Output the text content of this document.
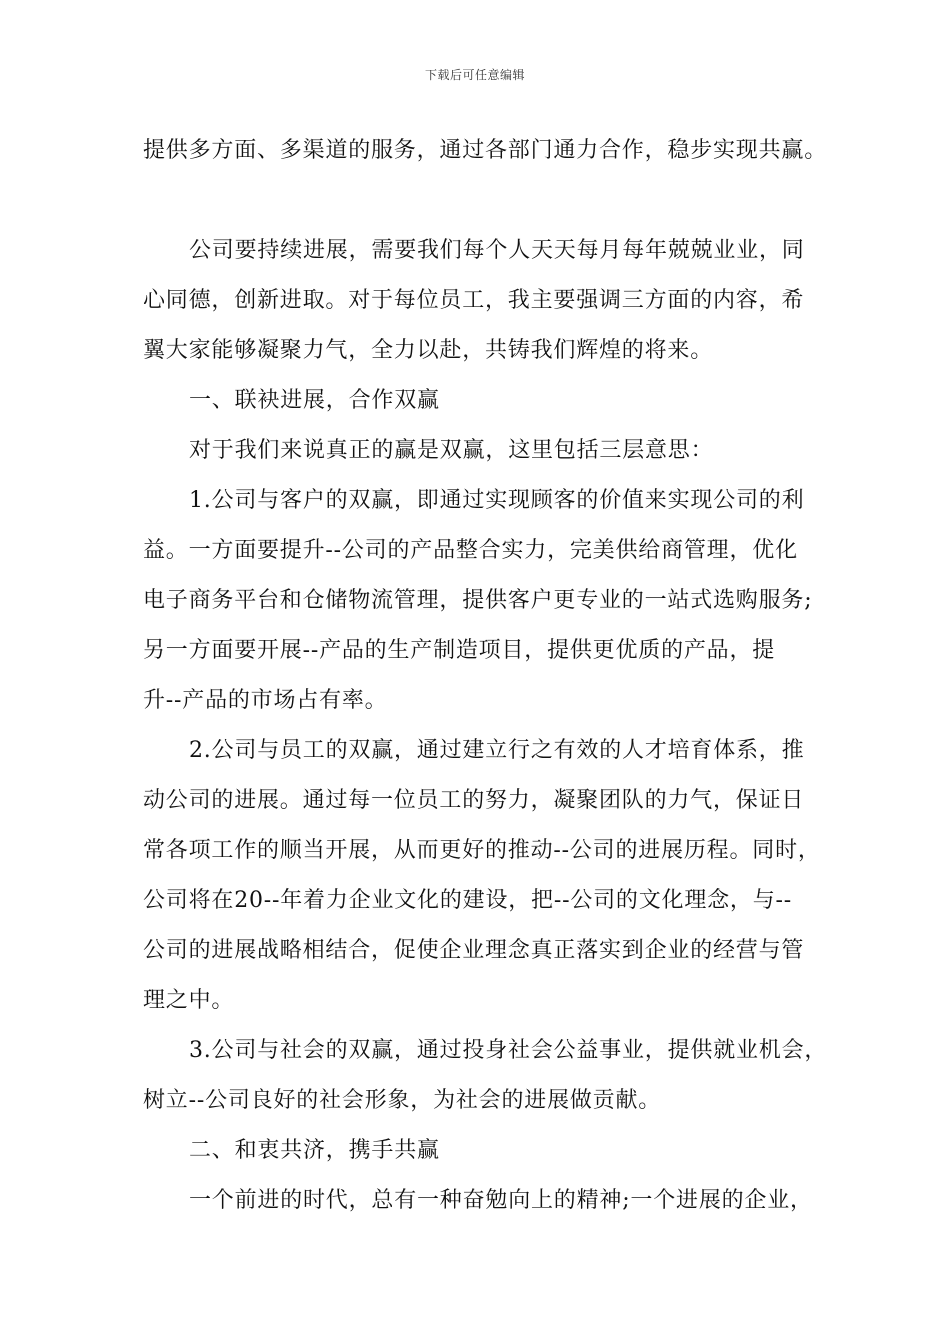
下载后可任意编辑
提供多方面、多渠道的服务，通过各部门通力合作，稳步实现共赢。
公司要持续进展，需要我们每个人天天每月每年兢兢业业，同
心同德，创新进取。对于每位员工，我主要强调三方面的内容，希
翼大家能够凝聚力气，全力以赴，共铸我们辉煌的将来。
一、联袂进展，合作双赢
对于我们来说真正的赢是双赢，这里包括三层意思：
1.公司与客户的双赢，即通过实现顾客的价值来实现公司的利
益。一方面要提升--公司的产品整合实力，完美供给商管理，优化
电子商务平台和仓储物流管理，提供客户更专业的一站式选购服务;
另一方面要开展--产品的生产制造项目，提供更优质的产品，提
升--产品的市场占有率。
2.公司与员工的双赢，通过建立行之有效的人才培育体系，推
动公司的进展。通过每一位员工的努力，凝聚团队的力气，保证日
常各项工作的顺当开展，从而更好的推动--公司的进展历程。同时，
公司将在20--年着力企业文化的建设，把--公司的文化理念，与--
公司的进展战略相结合，促使企业理念真正落实到企业的经营与管
理之中。
3.公司与社会的双赢，通过投身社会公益事业，提供就业机会，
树立--公司良好的社会形象，为社会的进展做贡献。
二、和衷共济，携手共赢
一个前进的时代，总有一种奋勉向上的精神;一个进展的企业，
